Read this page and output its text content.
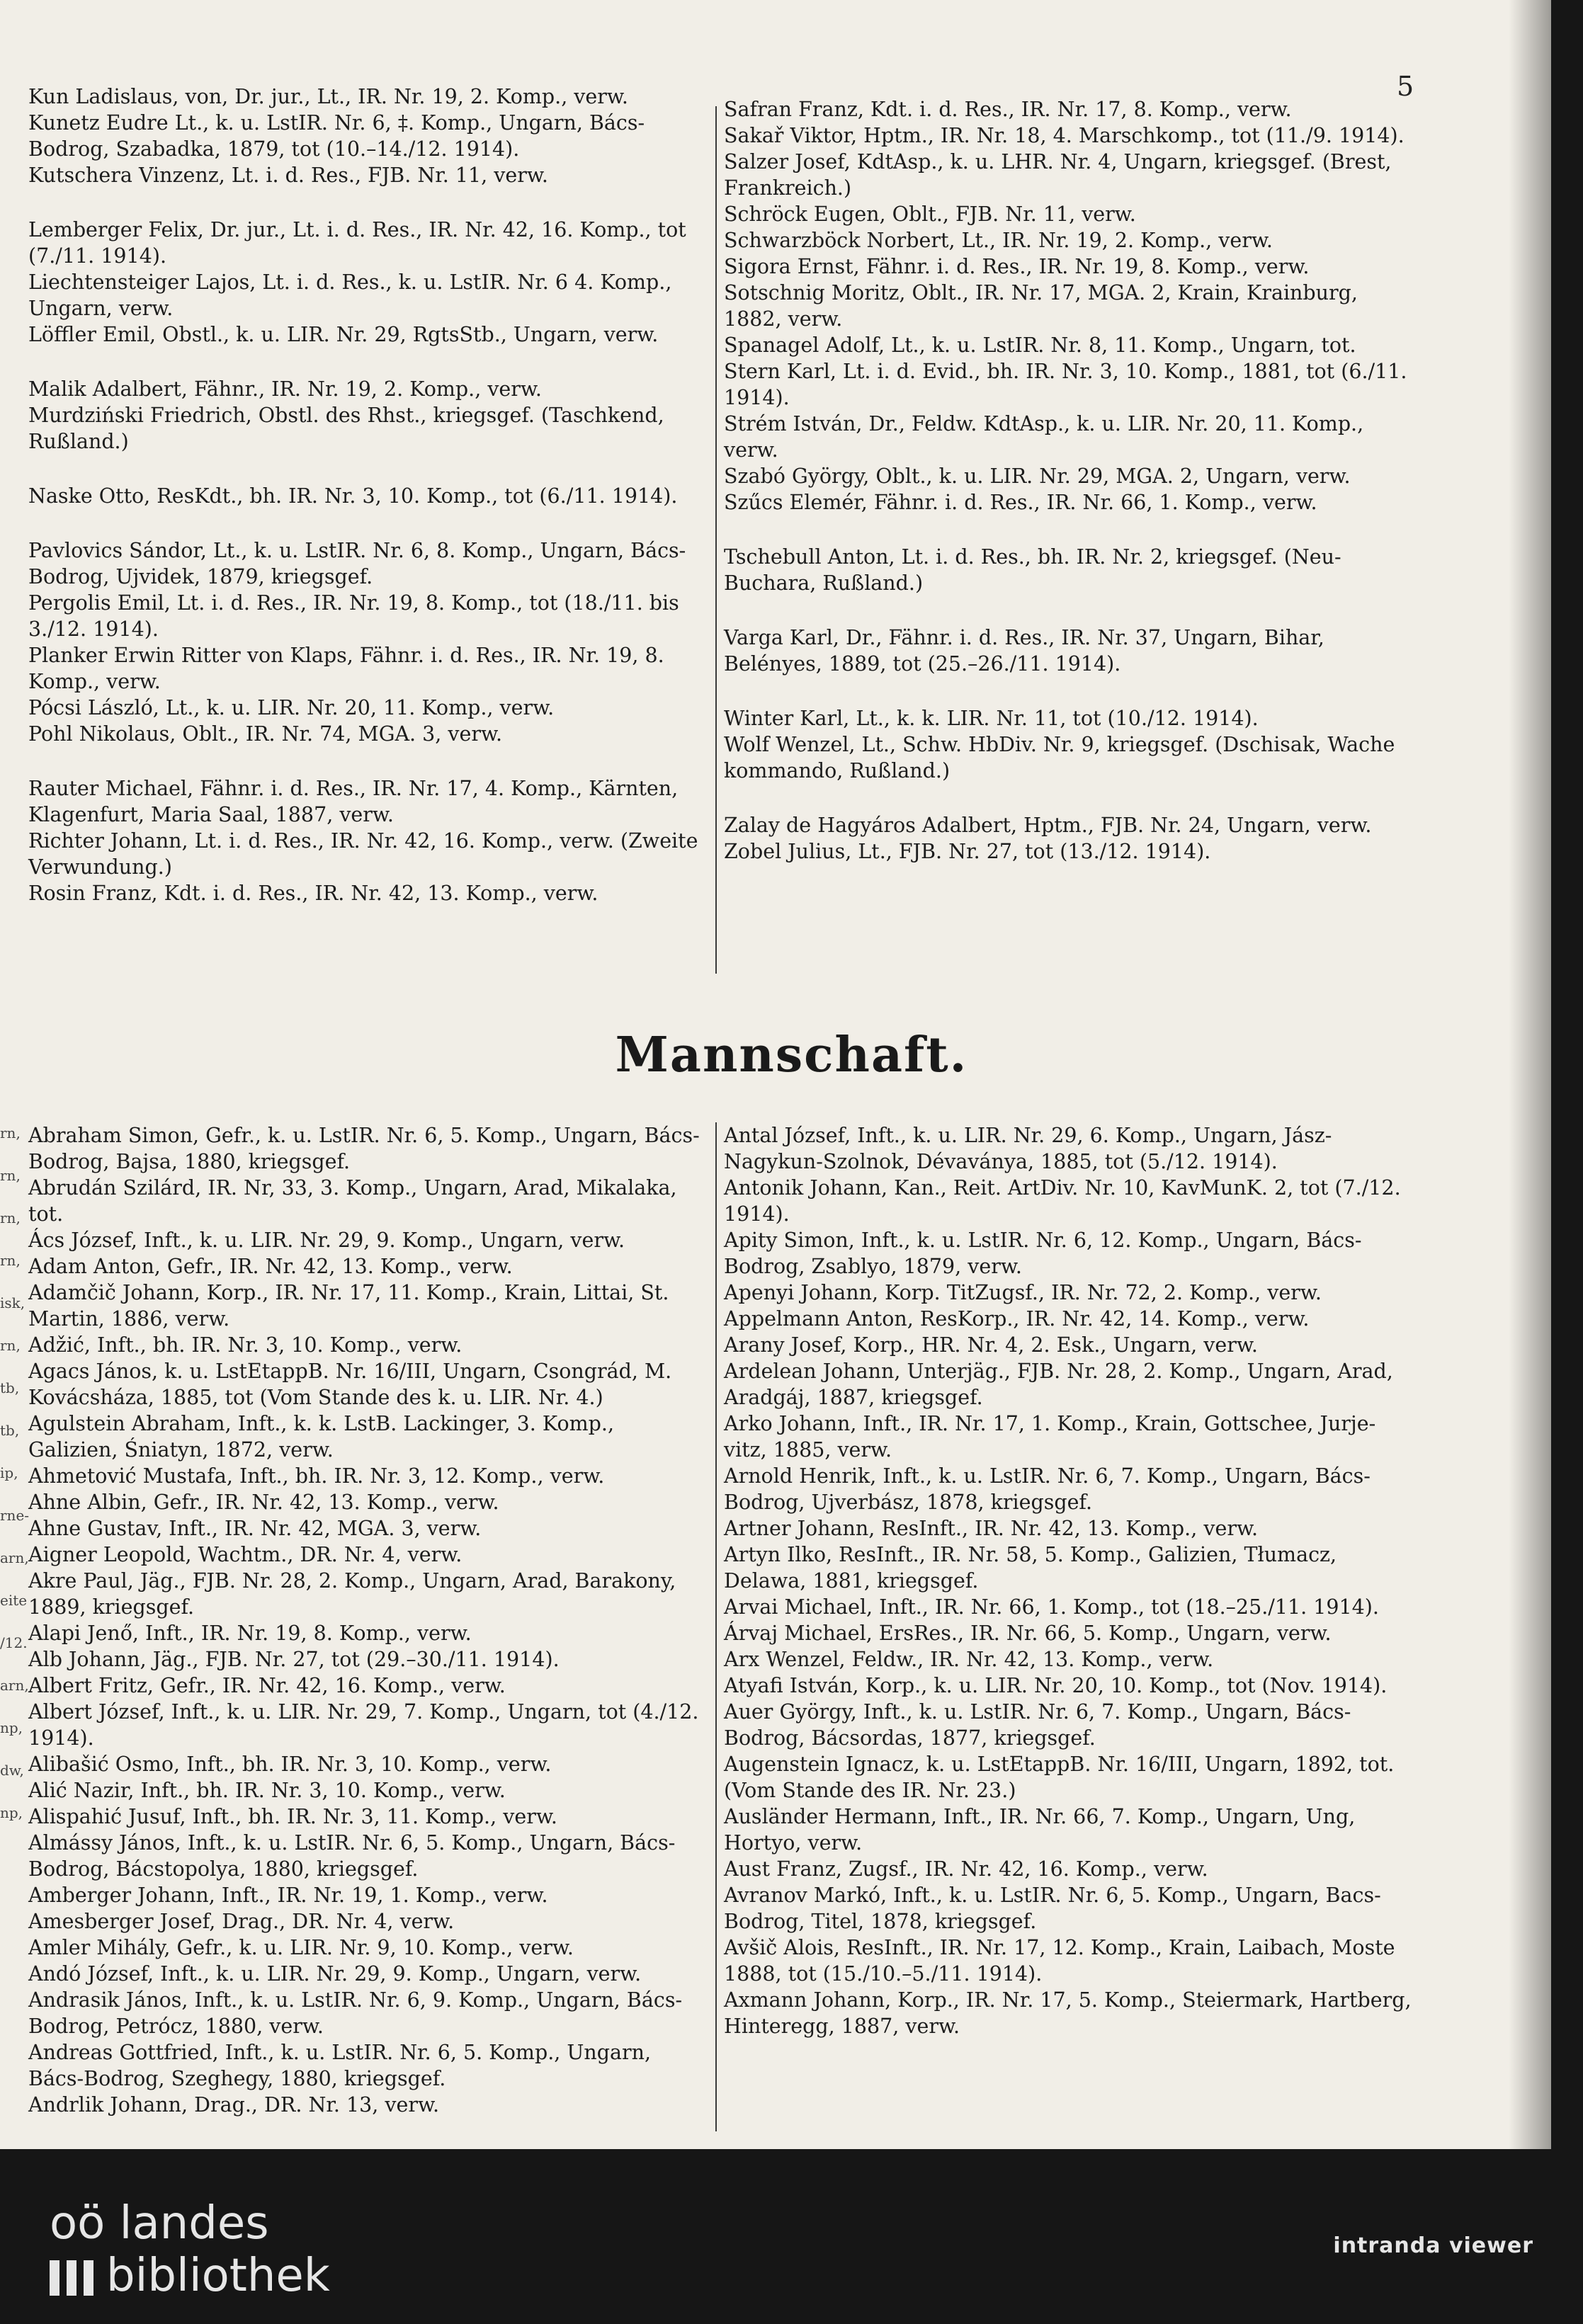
5
Kun Ladislaus, von, Dr. jur., Lt., IR. Nr. 19, 2. Komp., verw.
Kunetz Eudre Lt., k. u. LstIR. Nr. 6, ‡. Komp., Ungarn, Bács-Bodrog, Szabadka, 1879, tot (10.–14./12. 1914).
Kutschera Vinzenz, Lt. i. d. Res., FJB. Nr. 11, verw.
Lemberger Felix, Dr. jur., Lt. i. d. Res., IR. Nr. 42, 16. Komp., tot (7./11. 1914).
Liechtensteiger Lajos, Lt. i. d. Res., k. u. LstIR. Nr. 6 4. Komp., Ungarn, verw.
Löffler Emil, Obstl., k. u. LIR. Nr. 29, RgtsStb., Ungarn, verw.
Malik Adalbert, Fähnr., IR. Nr. 19, 2. Komp., verw.
Murdziński Friedrich, Obstl. des Rhst., kriegsgef. (Taschkend, Rußland.)
Naske Otto, ResKdt., bh. IR. Nr. 3, 10. Komp., tot (6./11. 1914).
Pavlovics Sándor, Lt., k. u. LstIR. Nr. 6, 8. Komp., Ungarn, Bács-Bodrog, Ujvidek, 1879, kriegsgef.
Pergolis Emil, Lt. i. d. Res., IR. Nr. 19, 8. Komp., tot (18./11. bis 3./12. 1914).
Planker Erwin Ritter von Klaps, Fähnr. i. d. Res., IR. Nr. 19, 8. Komp., verw.
Pócsi László, Lt., k. u. LIR. Nr. 20, 11. Komp., verw.
Pohl Nikolaus, Oblt., IR. Nr. 74, MGA. 3, verw.
Rauter Michael, Fähnr. i. d. Res., IR. Nr. 17, 4. Komp., Kärnten, Klagenfurt, Maria Saal, 1887, verw.
Richter Johann, Lt. i. d. Res., IR. Nr. 42, 16. Komp., verw. (Zweite Verwundung.)
Rosin Franz, Kdt. i. d. Res., IR. Nr. 42, 13. Komp., verw.
Safran Franz, Kdt. i. d. Res., IR. Nr. 17, 8. Komp., verw.
Sakař Viktor, Hptm., IR. Nr. 18, 4. Marschkomp., tot (11./9. 1914).
Salzer Josef, KdtAsp., k. u. LHR. Nr. 4, Ungarn, kriegsgef. (Brest, Frankreich.)
Schröck Eugen, Oblt., FJB. Nr. 11, verw.
Schwarzböck Norbert, Lt., IR. Nr. 19, 2. Komp., verw.
Sigora Ernst, Fähnr. i. d. Res., IR. Nr. 19, 8. Komp., verw.
Sotschnig Moritz, Oblt., IR. Nr. 17, MGA. 2, Krain, Krainburg, 1882, verw.
Spanagel Adolf, Lt., k. u. LstIR. Nr. 8, 11. Komp., Ungarn, tot.
Stern Karl, Lt. i. d. Evid., bh. IR. Nr. 3, 10. Komp., 1881, tot (6./11. 1914).
Strém István, Dr., Feldw. KdtAsp., k. u. LIR. Nr. 20, 11. Komp., verw.
Szabó György, Oblt., k. u. LIR. Nr. 29, MGA. 2, Ungarn, verw.
Szűcs Elemér, Fähnr. i. d. Res., IR. Nr. 66, 1. Komp., verw.
Tschebull Anton, Lt. i. d. Res., bh. IR. Nr. 2, kriegsgef. (Neu-Buchara, Rußland.)
Varga Karl, Dr., Fähnr. i. d. Res., IR. Nr. 37, Ungarn, Bihar, Belényes, 1889, tot (25.–26./11. 1914).
Winter Karl, Lt., k. k. LIR. Nr. 11, tot (10./12. 1914).
Wolf Wenzel, Lt., Schw. HbDiv. Nr. 9, kriegsgef. (Dschisak, Wache kommando, Rußland.)
Zalay de Hagyáros Adalbert, Hptm., FJB. Nr. 24, Ungarn, verw.
Zobel Julius, Lt., FJB. Nr. 27, tot (13./12. 1914).
Mannschaft.
rn,
rn,
rn,
rn,
isk,
rn,
tb,
tb,
ip,
rne-
arn,
eite
/12.
arn,
np,
dw,
np,
Abraham Simon, Gefr., k. u. LstIR. Nr. 6, 5. Komp., Ungarn, Bács-Bodrog, Bajsa, 1880, kriegsgef.
Abrudán Szilárd, IR. Nr, 33, 3. Komp., Ungarn, Arad, Mikalaka, tot.
Ács József, Inft., k. u. LIR. Nr. 29, 9. Komp., Ungarn, verw.
Adam Anton, Gefr., IR. Nr. 42, 13. Komp., verw.
Adamčič Johann, Korp., IR. Nr. 17, 11. Komp., Krain, Littai, St. Martin, 1886, verw.
Adžić, Inft., bh. IR. Nr. 3, 10. Komp., verw.
Agacs János, k. u. LstEtappB. Nr. 16/III, Ungarn, Csongrád, M. Kovácsháza, 1885, tot (Vom Stande des k. u. LIR. Nr. 4.)
Agulstein Abraham, Inft., k. k. LstB. Lackinger, 3. Komp., Galizien, Śniatyn, 1872, verw.
Ahmetović Mustafa, Inft., bh. IR. Nr. 3, 12. Komp., verw.
Ahne Albin, Gefr., IR. Nr. 42, 13. Komp., verw.
Ahne Gustav, Inft., IR. Nr. 42, MGA. 3, verw.
Aigner Leopold, Wachtm., DR. Nr. 4, verw.
Akre Paul, Jäg., FJB. Nr. 28, 2. Komp., Ungarn, Arad, Barakony, 1889, kriegsgef.
Alapi Jenő, Inft., IR. Nr. 19, 8. Komp., verw.
Alb Johann, Jäg., FJB. Nr. 27, tot (29.–30./11. 1914).
Albert Fritz, Gefr., IR. Nr. 42, 16. Komp., verw.
Albert József, Inft., k. u. LIR. Nr. 29, 7. Komp., Ungarn, tot (4./12. 1914).
Alibašić Osmo, Inft., bh. IR. Nr. 3, 10. Komp., verw.
Alić Nazir, Inft., bh. IR. Nr. 3, 10. Komp., verw.
Alispahić Jusuf, Inft., bh. IR. Nr. 3, 11. Komp., verw.
Almássy János, Inft., k. u. LstIR. Nr. 6, 5. Komp., Ungarn, Bács-Bodrog, Bácstopolya, 1880, kriegsgef.
Amberger Johann, Inft., IR. Nr. 19, 1. Komp., verw.
Amesberger Josef, Drag., DR. Nr. 4, verw.
Amler Mihály, Gefr., k. u. LIR. Nr. 9, 10. Komp., verw.
Andó József, Inft., k. u. LIR. Nr. 29, 9. Komp., Ungarn, verw.
Andrasik János, Inft., k. u. LstIR. Nr. 6, 9. Komp., Ungarn, Bács-Bodrog, Petrócz, 1880, verw.
Andreas Gottfried, Inft., k. u. LstIR. Nr. 6, 5. Komp., Ungarn, Bács-Bodrog, Szeghegy, 1880, kriegsgef.
Andrlik Johann, Drag., DR. Nr. 13, verw.
Antal József, Inft., k. u. LIR. Nr. 29, 6. Komp., Ungarn, Jász-Nagykun-Szolnok, Dévaványa, 1885, tot (5./12. 1914).
Antonik Johann, Kan., Reit. ArtDiv. Nr. 10, KavMunK. 2, tot (7./12. 1914).
Apity Simon, Inft., k. u. LstIR. Nr. 6, 12. Komp., Ungarn, Bács-Bodrog, Zsablyo, 1879, verw.
Apenyi Johann, Korp. TitZugsf., IR. Nr. 72, 2. Komp., verw.
Appelmann Anton, ResKorp., IR. Nr. 42, 14. Komp., verw.
Arany Josef, Korp., HR. Nr. 4, 2. Esk., Ungarn, verw.
Ardelean Johann, Unterjäg., FJB. Nr. 28, 2. Komp., Ungarn, Arad, Aradgáj, 1887, kriegsgef.
Arko Johann, Inft., IR. Nr. 17, 1. Komp., Krain, Gottschee, Jurje-vitz, 1885, verw.
Arnold Henrik, Inft., k. u. LstIR. Nr. 6, 7. Komp., Ungarn, Bács-Bodrog, Ujverbász, 1878, kriegsgef.
Artner Johann, ResInft., IR. Nr. 42, 13. Komp., verw.
Artyn Ilko, ResInft., IR. Nr. 58, 5. Komp., Galizien, Tłumacz, Delawa, 1881, kriegsgef.
Arvai Michael, Inft., IR. Nr. 66, 1. Komp., tot (18.–25./11. 1914).
Árvaj Michael, ErsRes., IR. Nr. 66, 5. Komp., Ungarn, verw.
Arx Wenzel, Feldw., IR. Nr. 42, 13. Komp., verw.
Atyafi István, Korp., k. u. LIR. Nr. 20, 10. Komp., tot (Nov. 1914).
Auer György, Inft., k. u. LstIR. Nr. 6, 7. Komp., Ungarn, Bács-Bodrog, Bácsordas, 1877, kriegsgef.
Augenstein Ignacz, k. u. LstEtappB. Nr. 16/III, Ungarn, 1892, tot. (Vom Stande des IR. Nr. 23.)
Ausländer Hermann, Inft., IR. Nr. 66, 7. Komp., Ungarn, Ung, Hortyo, verw.
Aust Franz, Zugsf., IR. Nr. 42, 16. Komp., verw.
Avranov Markó, Inft., k. u. LstIR. Nr. 6, 5. Komp., Ungarn, Bacs-Bodrog, Titel, 1878, kriegsgef.
Avšič Alois, ResInft., IR. Nr. 17, 12. Komp., Krain, Laibach, Moste 1888, tot (15./10.–5./11. 1914).
Axmann Johann, Korp., IR. Nr. 17, 5. Komp., Steiermark, Hartberg, Hinteregg, 1887, verw.
oö landes
bibliothek
intranda viewer
